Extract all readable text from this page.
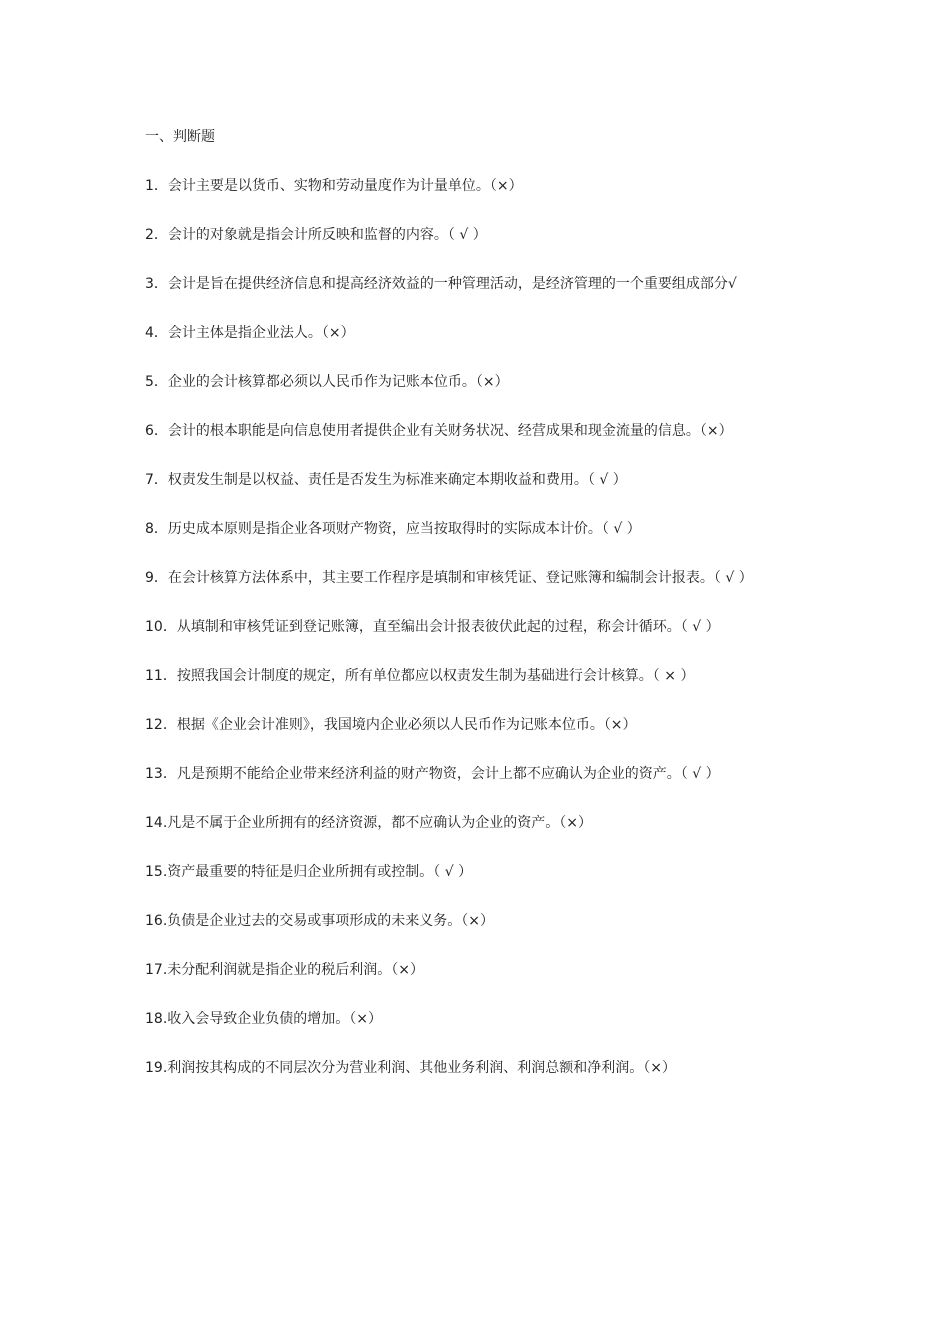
一、判断题
1．会计主要是以货币、实物和劳动量度作为计量单位。（×）
2．会计的对象就是指会计所反映和监督的内容。（ √ ）
3．会计是旨在提供经济信息和提高经济效益的一种管理活动，是经济管理的一个重要组成部分√
4．会计主体是指企业法人。（×）
5．企业的会计核算都必须以人民币作为记账本位币。（×）
6．会计的根本职能是向信息使用者提供企业有关财务状况、经营成果和现金流量的信息。（×）
7．权责发生制是以权益、责任是否发生为标准来确定本期收益和费用。（ √ ）
8．历史成本原则是指企业各项财产物资，应当按取得时的实际成本计价。（ √ ）
9．在会计核算方法体系中，其主要工作程序是填制和审核凭证、登记账簿和编制会计报表。（ √ ）
10．从填制和审核凭证到登记账簿，直至编出会计报表彼伏此起的过程，称会计循环。（ √ ）
11．按照我国会计制度的规定，所有单位都应以权责发生制为基础进行会计核算。（ × ）
12．根据《企业会计准则》，我国境内企业必须以人民币作为记账本位币。（×）
13．凡是预期不能给企业带来经济利益的财产物资，会计上都不应确认为企业的资产。（ √ ）
14.凡是不属于企业所拥有的经济资源，都不应确认为企业的资产。（×）
15.资产最重要的特征是归企业所拥有或控制。（ √ ）
16.负债是企业过去的交易或事项形成的未来义务。（×）
17.未分配利润就是指企业的税后利润。（×）
18.收入会导致企业负债的增加。（×）
19.利润按其构成的不同层次分为营业利润、其他业务利润、利润总额和净利润。（×）
